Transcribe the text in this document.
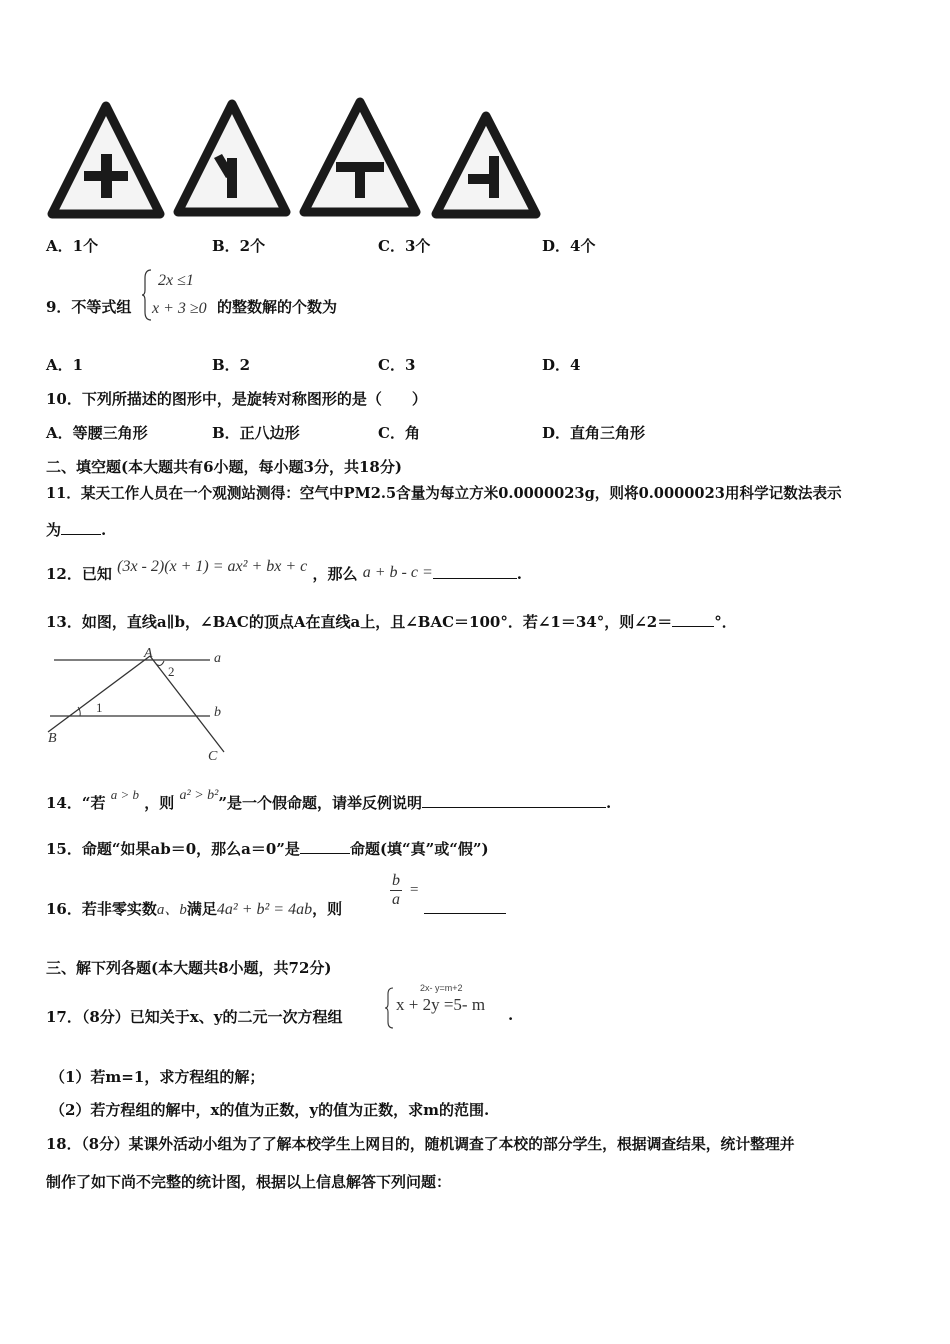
A．1个	B．2个	C．3个	D．4个
9．不等式组
2x ≤1
x + 3 ≥0 的整数解的个数为
A．1	B．2	C．3	D．4
10．下列所描述的图形中，是旋转对称图形的是（　　）
A．等腰三角形	B．正八边形	C．角	D．直角三角形
二、填空题(本大题共有6小题，每小题3分，共18分)
11．某天工作人员在一个观测站测得：空气中PM2.5含量为每立方米0.0000023g，则将0.0000023用科学记数法表示
为	.
12．已知 (3x - 2)(x + 1) = ax² + bx + c ，那么 a + b - c =	.
13．如图，直线a∥b，∠BAC的顶点A在直线a上，且∠BAC＝100°．若∠1＝34°，则∠2＝	°．
A
B
C
a
b
1
2
14．“若 a > b ，则 a² > b²”是一个假命题，请举反例说明	.
15．命题“如果ab＝0，那么a＝0”是	命题(填“真”或“假”)
16．若非零实数a、b满足4a² + b² = 4ab，则	$\frac{b}{a}$ =
三、解下列各题(本大题共8小题，共72分)
17．（8分）已知关于x、y的二元一次方程组
2x- y=m+2
x + 2y =5- m
.
（1）若m=1，求方程组的解；
（2）若方程组的解中，x的值为正数，y的值为正数，求m的范围.
18．（8分）某课外活动小组为了了解本校学生上网目的，随机调查了本校的部分学生，根据调查结果，统计整理并
制作了如下尚不完整的统计图，根据以上信息解答下列问题：
